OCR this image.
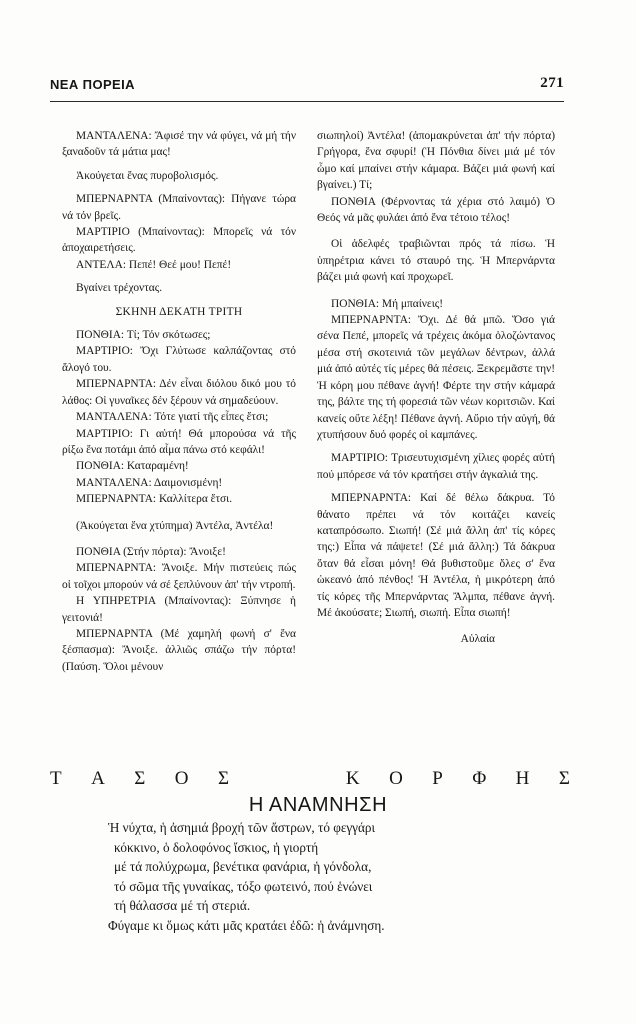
ΝΕΑ ΠΟΡΕΙΑ	271

ΜΑΝΤΑΛΕΝΑ: Ἄφισέ την νά φύγει, νά μή τήν ξαναδοῦν τά μάτια μας!

Ἀκούγεται ἕνας πυροβολισμός.

ΜΠΕΡΝΑΡΝΤΑ (Μπαίνοντας): Πήγανε τώρα νά τόν βρεῖς.

ΜΑΡΤΙΡΙΟ (Μπαίνοντας): Μπορεῖς νά τόν ἀποχαιρετήσεις.

ΑΝΤΕΛΑ: Πεπέ! Θεέ μου! Πεπέ!

Βγαίνει τρέχοντας.

ΣΚΗΝΗ ΔΕΚΑΤΗ ΤΡΙΤΗ

ΠΟΝΘΙΑ: Τί; Τόν σκότωσες;

ΜΑΡΤΙΡΙΟ: Ὄχι Γλύτωσε καλπάζοντας στό ἄλογό του.

ΜΠΕΡΝΑΡΝΤΑ: Δέν εἶναι διόλου δικό μου τό λάθος: Οἱ γυναῖκες δέν ξέρουν νά σημαδεύουν.

ΜΑΝΤΑΛΕΝΑ: Τότε γιατί τῆς εἶπες ἔτσι;

ΜΑΡΤΙΡΙΟ: Γι αὐτή! Θά μπορούσα νά τῆς ρίξω ἕνα ποτάμι ἀπό αἷμα πάνω στό κεφάλι!

ΠΟΝΘΙΑ: Καταραμένη!

ΜΑΝΤΑΛΕΝΑ: Δαιμονισμένη!

ΜΠΕΡΝΑΡΝΤΑ: Καλλίτερα ἔτσι.

(Ἀκούγεται ἕνα χτύπημα) Ἀντέλα, Ἀντέλα!

ΠΟΝΘΙΑ (Στήν πόρτα): Ἄνοιξε!

ΜΠΕΡΝΑΡΝΤΑ: Ἄνοιξε. Μήν πιστεύεις πώς οἱ τοῖχοι μπορούν νά σέ ξεπλύνουν ἀπ' τήν ντροπή.

Η ΥΠΗΡΕΤΡΙΑ (Μπαίνοντας): Ξύπνησε ἡ γειτονιά!

ΜΠΕΡΝΑΡΝΤΑ (Μέ χαμηλή φωνή σ' ἕνα ξέσπασμα): Ἄνοιξε. ἀλλιῶς σπάζω τήν πόρτα! (Παύση. Ὅλοι μένουν

σιωπηλοί) Ἀντέλα! (ἀπομακρύνεται ἀπ' τήν πόρτα) Γρήγορα, ἕνα σφυρί! (Ἡ Πόνθια δίνει μιά μέ τόν ὦμο καί μπαίνει στήν κάμαρα. Βάζει μιά φωνή καί βγαίνει.) Τί;

ΠΟΝΘΙΑ (Φέρνοντας τά χέρια στό λαιμό) Ὁ Θεός νά μᾶς φυλάει ἀπό ἕνα τέτοιο τέλος!

Οἱ ἀδελφές τραβιῶνται πρός τά πίσω. Ἡ ὑπηρέτρια κάνει τό σταυρό της. Ἡ Μπερνάρντα βάζει μιά φωνή καί προχωρεῖ.

ΠΟΝΘΙΑ: Μή μπαίνεις!

ΜΠΕΡΝΑΡΝΤΑ: Ὄχι. Δέ θά μπῶ. Ὅσο γιά σένα Πεπέ, μπορεῖς νά τρέχεις ἀκόμα ὁλοζώντανος μέσα στή σκοτεινιά τῶν μεγάλων δέντρων, ἀλλά μιά ἀπό αὐτές τίς μέρες θά πέσεις. Ξεκρεμᾶστε την! Ἡ κόρη μου πέθανε ἁγνή! Φέρτε την στήν κάμαρά της, βάλτε της τή φορεσιά τῶν νέων κοριτσιῶν. Καί κανείς οὔτε λέξη! Πέθανε ἁγνή. Αὔριο τήν αὐγή, θά χτυπήσουν δυό φορές οἱ καμπάνες.

ΜΑΡΤΙΡΙΟ: Τρισευτυχισμένη χίλιες φορές αὐτή πού μπόρεσε νά τόν κρατήσει στήν ἀγκαλιά της.

ΜΠΕΡΝΑΡΝΤΑ: Καί δέ θέλω δάκρυα. Τό θάνατο πρέπει νά τόν κοιτάζει κανείς καταπρόσωπο. Σιωπή! (Σέ μιά ἄλλη ἀπ' τίς κόρες της:) Εἶπα νά πάψετε! (Σέ μιά ἄλλη:) Τά δάκρυα ὅταν θά εἶσαι μόνη! Θά βυθιστοῦμε ὅλες σ' ἕνα ὠκεανό ἀπό πένθος! Ἡ Ἀντέλα, ἡ μικρότερη ἀπό τίς κόρες τῆς Μπερνάρντας Ἄλμπα, πέθανε ἁγνή. Μέ ἀκούσατε; Σιωπή, σιωπή. Εἶπα σιωπή!

Αὐλαία

Τ Α Σ Ο Σ	Κ Ο Ρ Φ Η Σ
Η ΑΝΑΜΝΗΣΗ
Ἡ νύχτα, ἡ ἀσημιά βροχή τῶν ἄστρων, τό φεγγάρι
κόκκινο, ὁ δολοφόνος ἴσκιος, ἡ γιορτή
μέ τά πολύχρωμα, βενέτικα φανάρια, ἡ γόνδολα,
τό σῶμα τῆς γυναίκας, τόξο φωτεινό, πού ἑνώνει
τή θάλασσα μέ τή στεριά.
Φύγαμε κι ὅμως κάτι μᾶς κρατάει ἐδῶ: ἡ ἀνάμνηση.
